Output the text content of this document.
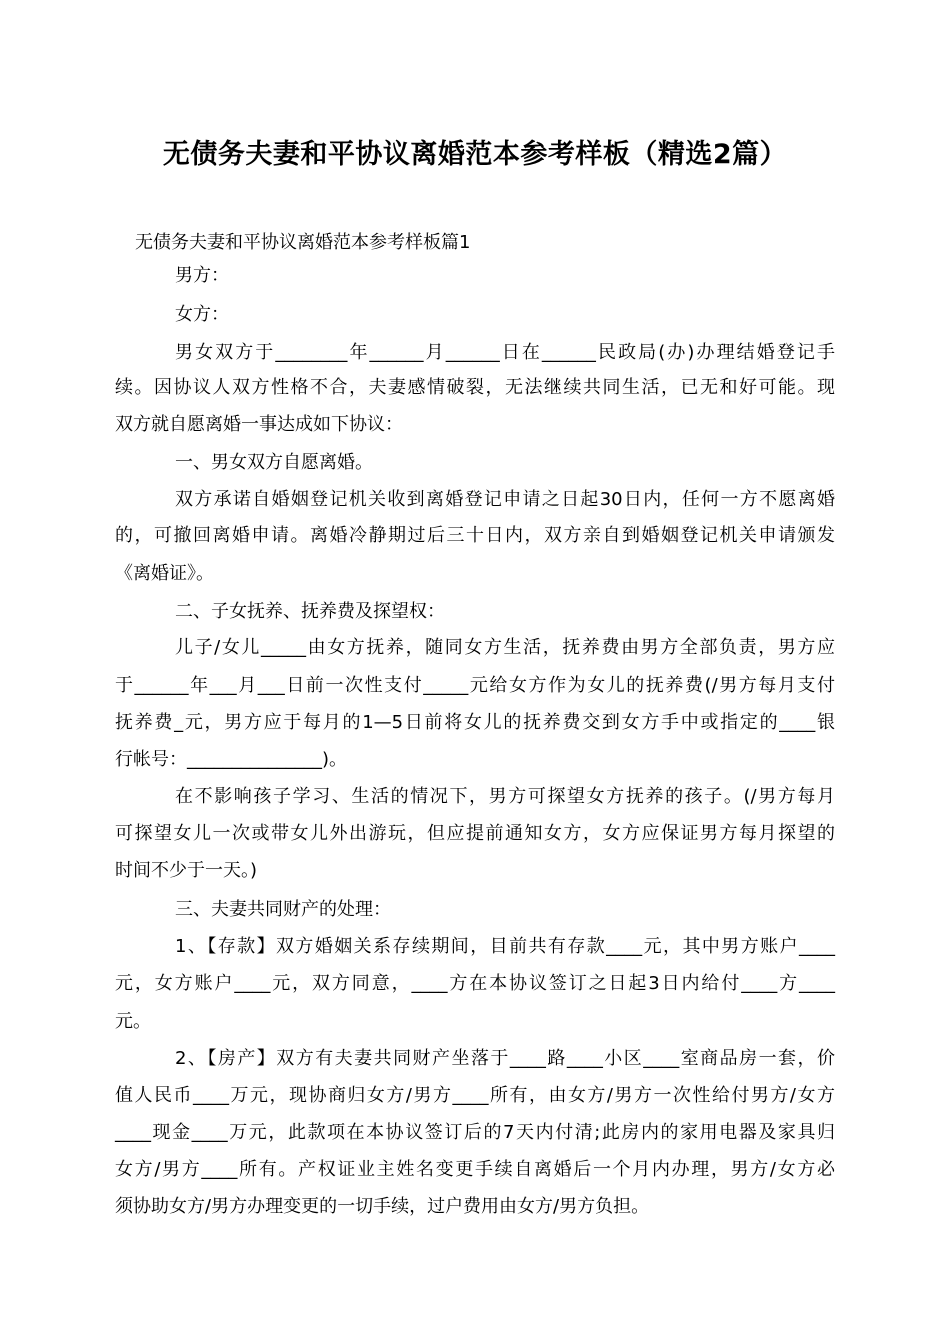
无债务夫妻和平协议离婚范本参考样板（精选2篇）
无债务夫妻和平协议离婚范本参考样板篇1
男方：
女方：
男女双方于________年______月______日在______民政局(办)办理结婚登记手
续。因协议人双方性格不合，夫妻感情破裂，无法继续共同生活，已无和好可能。现
双方就自愿离婚一事达成如下协议：
一、男女双方自愿离婚。
双方承诺自婚姻登记机关收到离婚登记申请之日起30日内，任何一方不愿离婚
的，可撤回离婚申请。离婚冷静期过后三十日内，双方亲自到婚姻登记机关申请颁发
《离婚证》。
二、子女抚养、抚养费及探望权：
儿子/女儿_____由女方抚养，随同女方生活，抚养费由男方全部负责，男方应
于______年___月___日前一次性支付_____元给女方作为女儿的抚养费(/男方每月支付
抚养费_元，男方应于每月的1—5日前将女儿的抚养费交到女方手中或指定的____银
行帐号：_______________)。
在不影响孩子学习、生活的情况下，男方可探望女方抚养的孩子。(/男方每月
可探望女儿一次或带女儿外出游玩，但应提前通知女方，女方应保证男方每月探望的
时间不少于一天。)
三、夫妻共同财产的处理：
1、【存款】双方婚姻关系存续期间，目前共有存款____元，其中男方账户____
元，女方账户____元，双方同意，____方在本协议签订之日起3日内给付____方____
元。
2、【房产】双方有夫妻共同财产坐落于____路____小区____室商品房一套，价
值人民币____万元，现协商归女方/男方____所有，由女方/男方一次性给付男方/女方
____现金____万元，此款项在本协议签订后的7天内付清;此房内的家用电器及家具归
女方/男方____所有。产权证业主姓名变更手续自离婚后一个月内办理，男方/女方必
须协助女方/男方办理变更的一切手续，过户费用由女方/男方负担。
